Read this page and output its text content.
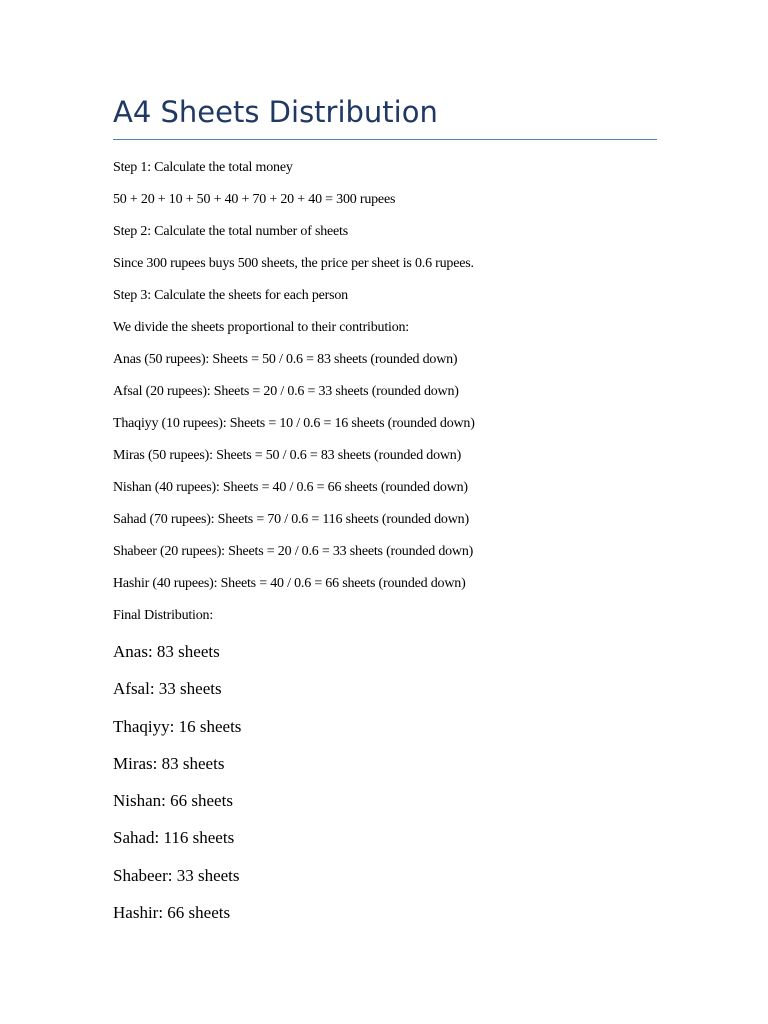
A4 Sheets Distribution
Step 1: Calculate the total money
50 + 20 + 10 + 50 + 40 + 70 + 20 + 40 = 300 rupees
Step 2: Calculate the total number of sheets
Since 300 rupees buys 500 sheets, the price per sheet is 0.6 rupees.
Step 3: Calculate the sheets for each person
We divide the sheets proportional to their contribution:
Anas (50 rupees): Sheets = 50 / 0.6 = 83 sheets (rounded down)
Afsal (20 rupees): Sheets = 20 / 0.6 = 33 sheets (rounded down)
Thaqiyy (10 rupees): Sheets = 10 / 0.6 = 16 sheets (rounded down)
Miras (50 rupees): Sheets = 50 / 0.6 = 83 sheets (rounded down)
Nishan (40 rupees): Sheets = 40 / 0.6 = 66 sheets (rounded down)
Sahad (70 rupees): Sheets = 70 / 0.6 = 116 sheets (rounded down)
Shabeer (20 rupees): Sheets = 20 / 0.6 = 33 sheets (rounded down)
Hashir (40 rupees): Sheets = 40 / 0.6 = 66 sheets (rounded down)
Final Distribution:
Anas: 83 sheets
Afsal: 33 sheets
Thaqiyy: 16 sheets
Miras: 83 sheets
Nishan: 66 sheets
Sahad: 116 sheets
Shabeer: 33 sheets
Hashir: 66 sheets
